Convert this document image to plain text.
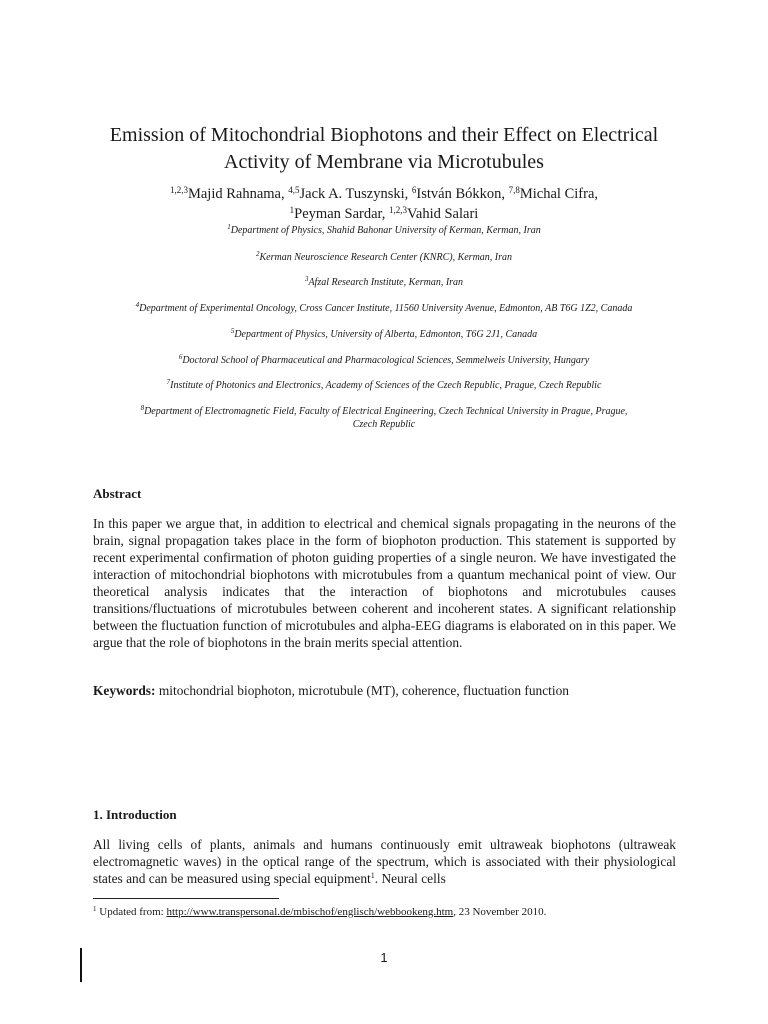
Emission of Mitochondrial Biophotons and their Effect on Electrical
Activity of Membrane via Microtubules
$^{1,2,3}$Majid Rahnama, $^{4,5}$Jack A. Tuszynski, $^6$István Bókkon, $^{7,8}$Michal Cifra,
$^1$Peyman Sardar, $^{1,2,3}$Vahid Salari
$^1$Department of Physics, Shahid Bahonar University of Kerman, Kerman, Iran
$^2$Kerman Neuroscience Research Center (KNRC), Kerman, Iran
$^3$Afzal Research Institute, Kerman, Iran
$^4$Department of Experimental Oncology, Cross Cancer Institute, 11560 University Avenue, Edmonton, AB T6G 1Z2, Canada
$^5$Department of Physics, University of Alberta, Edmonton, T6G 2J1, Canada
$^6$Doctoral School of Pharmaceutical and Pharmacological Sciences, Semmelweis University, Hungary
$^7$Institute of Photonics and Electronics, Academy of Sciences of the Czech Republic, Prague, Czech Republic
$^8$Department of Electromagnetic Field, Faculty of Electrical Engineering, Czech Technical University in Prague, Prague,
Czech Republic
Abstract
In this paper we argue that, in addition to electrical and chemical signals propagating in the neurons of the brain, signal propagation takes place in the form of biophoton production. This statement is supported by recent experimental confirmation of photon guiding properties of a single neuron. We have investigated the interaction of mitochondrial biophotons with microtubules from a quantum mechanical point of view. Our theoretical analysis indicates that the interaction of biophotons and microtubules causes transitions/fluctuations of microtubules between coherent and incoherent states. A significant relationship between the fluctuation function of microtubules and alpha-EEG diagrams is elaborated on in this paper. We argue that the role of biophotons in the brain merits special attention.
Keywords: mitochondrial biophoton, microtubule (MT), coherence, fluctuation function
1. Introduction
All living cells of plants, animals and humans continuously emit ultraweak biophotons (ultraweak electromagnetic waves) in the optical range of the spectrum, which is associated with their physiological states and can be measured using special equipment$^1$. Neural cells
$^1$ Updated from: http://www.transpersonal.de/mbischof/englisch/webbookeng.htm, 23 November 2010.
1
